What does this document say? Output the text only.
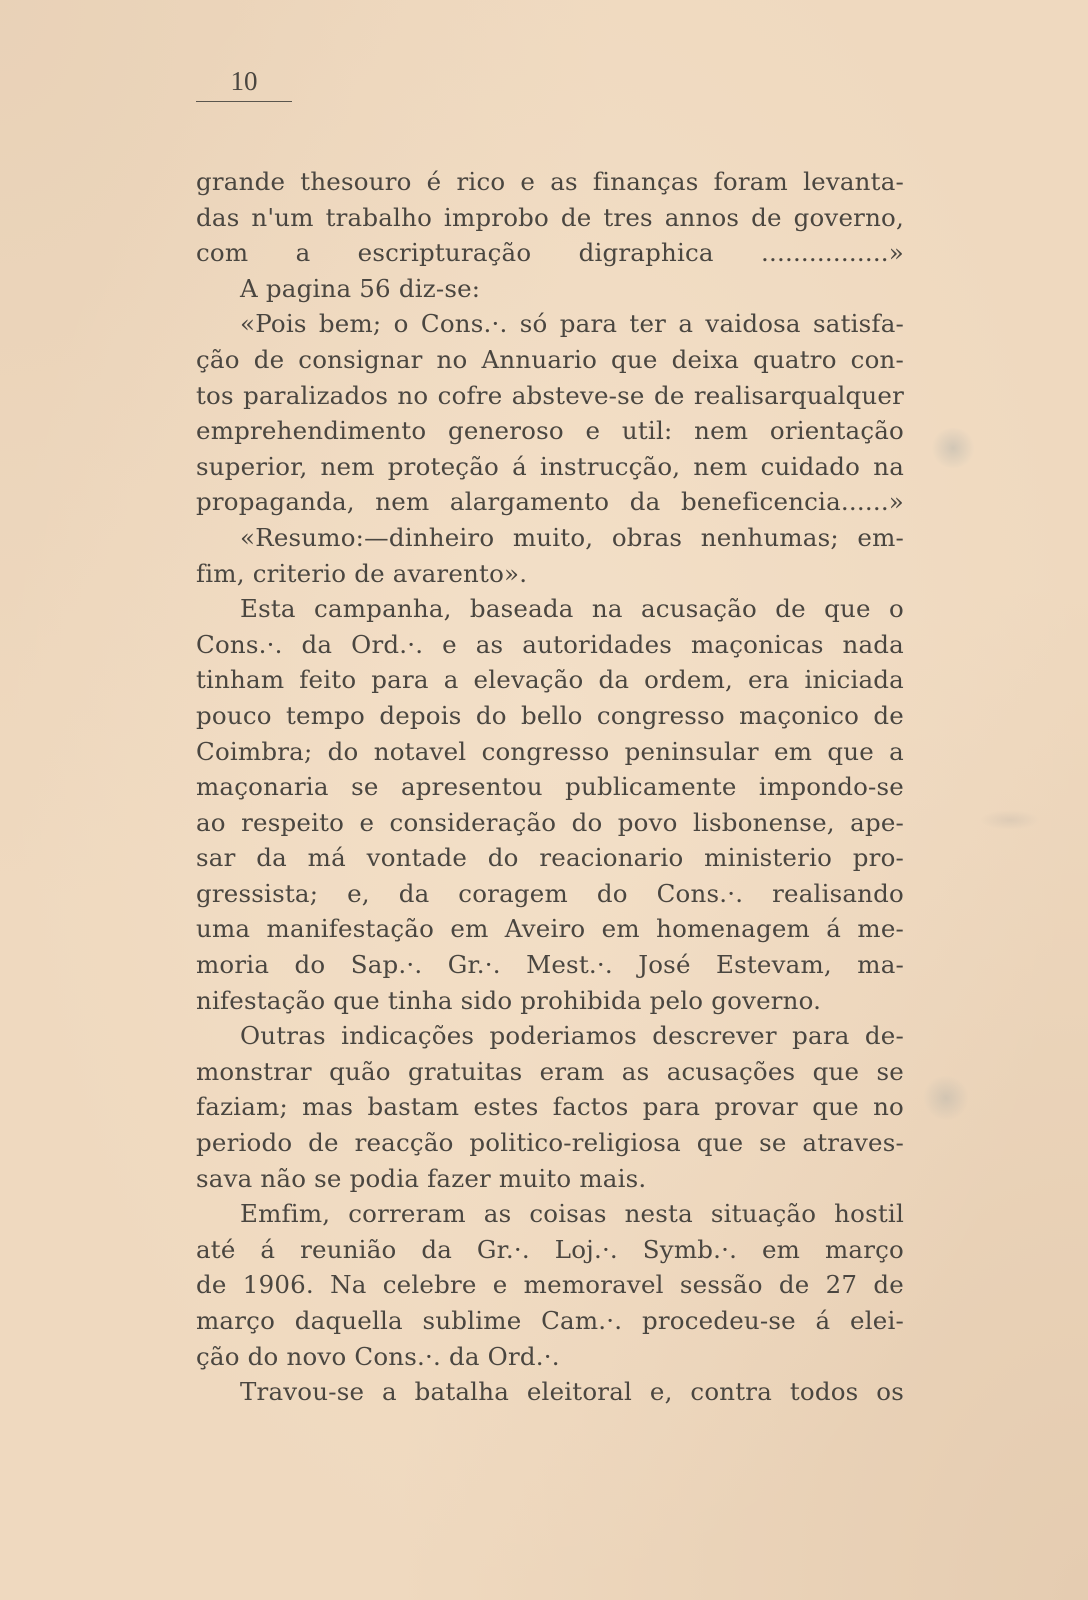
10
grande thesouro é rico e as finanças foram levanta-
das n'um trabalho improbo de tres annos de governo,
com a escripturação digraphica ................»
A pagina 56 diz-se:
«Pois bem; o Cons.·. só para ter a vaidosa satisfa-
ção de consignar no Annuario que deixa quatro con-
tos paralizados no cofre absteve-se de realisarqualquer
emprehendimento generoso e util: nem orientação
superior, nem proteção á instrucção, nem cuidado na
propaganda, nem alargamento da beneficencia......»
«Resumo:—dinheiro muito, obras nenhumas; em-
fim, criterio de avarento».
Esta campanha, baseada na acusação de que o
Cons.·. da Ord.·. e as autoridades maçonicas nada
tinham feito para a elevação da ordem, era iniciada
pouco tempo depois do bello congresso maçonico de
Coimbra; do notavel congresso peninsular em que a
maçonaria se apresentou publicamente impondo-se
ao respeito e consideração do povo lisbonense, ape-
sar da má vontade do reacionario ministerio pro-
gressista; e, da coragem do Cons.·. realisando
uma manifestação em Aveiro em homenagem á me-
moria do Sap.·. Gr.·. Mest.·. José Estevam, ma-
nifestação que tinha sido prohibida pelo governo.
Outras indicações poderiamos descrever para de-
monstrar quão gratuitas eram as acusações que se
faziam; mas bastam estes factos para provar que no
periodo de reacção politico-religiosa que se atraves-
sava não se podia fazer muito mais.
Emfim, correram as coisas nesta situação hostil
até á reunião da Gr.·. Loj.·. Symb.·. em março
de 1906. Na celebre e memoravel sessão de 27 de
março daquella sublime Cam.·. procedeu-se á elei-
ção do novo Cons.·. da Ord.·.
Travou-se a batalha eleitoral e, contra todos os
